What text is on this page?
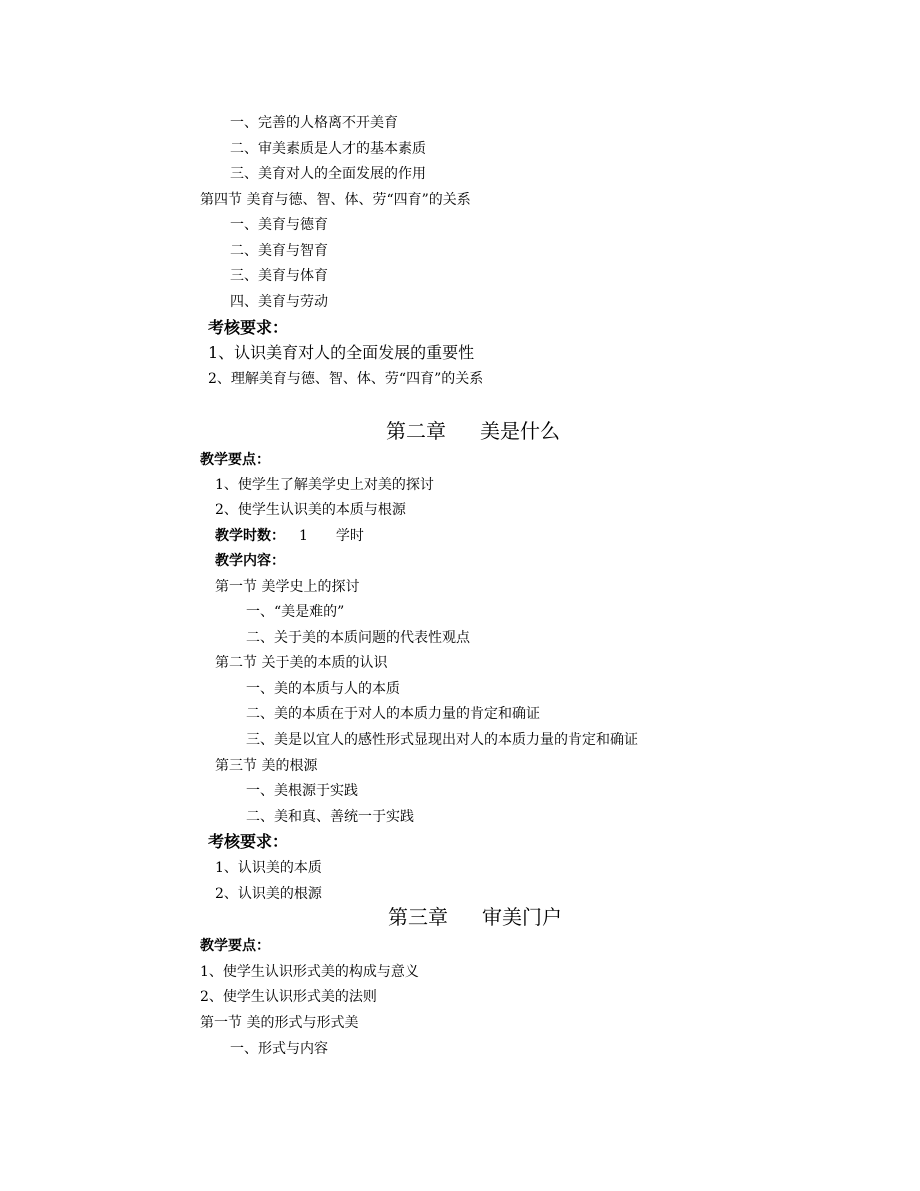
一、完善的人格离不开美育
二、审美素质是人才的基本素质
三、美育对人的全面发展的作用
第四节 美育与德、智、体、劳“四育”的关系
一、美育与德育
二、美育与智育
三、美育与体育
四、美育与劳动
考核要求：
1、认识美育对人的全面发展的重要性
2、理解美育与德、智、体、劳“四育”的关系
第二章 美是什么
教学要点：
1、使学生了解美学史上对美的探讨
2、使学生认识美的本质与根源
教学时数： 1 学时
教学内容：
第一节 美学史上的探讨
一、“美是难的”
二、关于美的本质问题的代表性观点
第二节 关于美的本质的认识
一、美的本质与人的本质
二、美的本质在于对人的本质力量的肯定和确证
三、美是以宜人的感性形式显现出对人的本质力量的肯定和确证
第三节 美的根源
一、美根源于实践
二、美和真、善统一于实践
考核要求：
1、认识美的本质
2、认识美的根源
第三章 审美门户
教学要点：
1、使学生认识形式美的构成与意义
2、使学生认识形式美的法则
第一节 美的形式与形式美
一、形式与内容
